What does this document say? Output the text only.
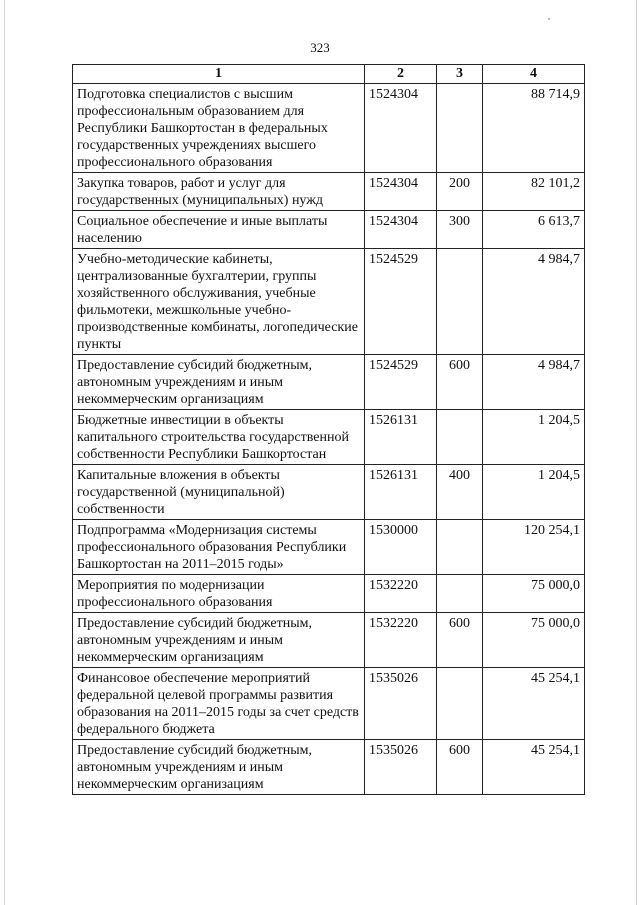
323
1	2	3	4
Подготовка специалистов с высшим профессиональным образованием для Республики Башкортостан в федеральных государственных учреждениях высшего профессионального образования	1524304		88 714,9
Закупка товаров, работ и услуг для государственных (муниципальных) нужд	1524304	200	82 101,2
Социальное обеспечение и иные выплаты населению	1524304	300	6 613,7
Учебно-методические кабинеты, централизованные бухгалтерии, группы хозяйственного обслуживания, учебные фильмотеки, межшкольные учебно-производственные комбинаты, логопедические пункты	1524529		4 984,7
Предоставление субсидий бюджетным, автономным учреждениям и иным некоммерческим организациям	1524529	600	4 984,7
Бюджетные инвестиции в объекты капитального строительства государственной собственности Республики Башкортостан	1526131		1 204,5
Капитальные вложения в объекты государственной (муниципальной) собственности	1526131	400	1 204,5
Подпрограмма «Модернизация системы профессионального образования Республики Башкортостан на 2011–2015 годы»	1530000		120 254,1
Мероприятия по модернизации профессионального образования	1532220		75 000,0
Предоставление субсидий бюджетным, автономным учреждениям и иным некоммерческим организациям	1532220	600	75 000,0
Финансовое обеспечение мероприятий федеральной целевой программы развития образования на 2011–2015 годы за счет средств федерального бюджета	1535026		45 254,1
Предоставление субсидий бюджетным, автономным учреждениям и иным некоммерческим организациям	1535026	600	45 254,1
